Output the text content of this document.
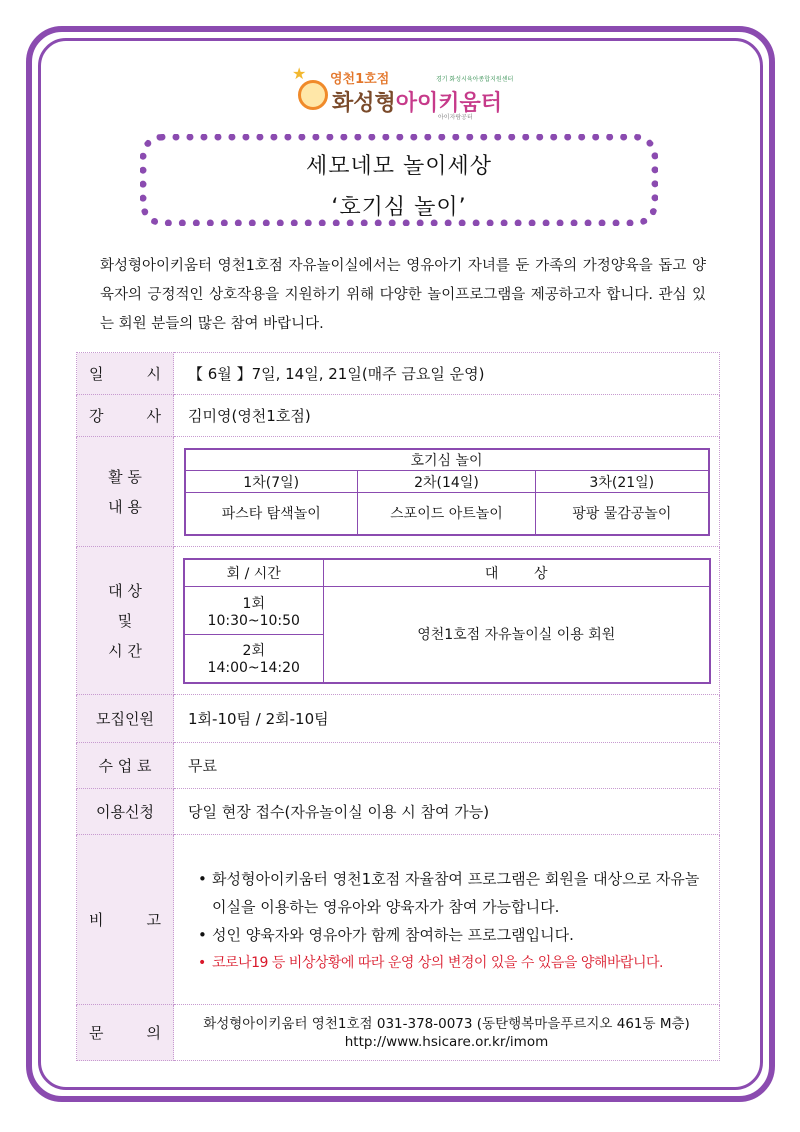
★ 영천1호점	경기 화성시육아종합지원센터
화성형아이키움터
아이자람공터
세모네모 놀이세상
‘호기심 놀이’

화성형아이키움터 영천1호점 자유놀이실에서는 영유아기 자녀를 둔 가족의 가정양육을 돕고 양육자의 긍정적인 상호작용을 지원하기 위해 다양한 놀이프로그램을 제공하고자 합니다. 관심 있는 회원 분들의 많은 참여 바랍니다.

일	시	【 6월 】7일, 14일, 21일(매주 금요일 운영)

강	사	김미영(영천1호점)

활 동
내 용

호기심 놀이
1차(7일)	2차(14일)	3차(21일)
파스타 탐색놀이	스포이드 아트놀이	팡팡 물감공놀이

대 상
및
시 간

회 / 시간	대        상

1회
10:30~10:50
	영천1호점 자유놀이실 이용 회원

2회
14:00~14:20

모집인원	1회-10팀 / 2회-10팀
수 업 료	무료
이용신청	당일 현장 접수(자유놀이실 이용 시 참여 가능)

비	고

• 화성형아이키움터 영천1호점 자율참여 프로그램은 회원을 대상으로 자유놀이실을 이용하는 영유아와 양육자가 참여 가능합니다.
• 성인 양육자와 영유아가 함께 참여하는 프로그램입니다.
• 코로나19 등 비상상황에 따라 운영 상의 변경이 있을 수 있음을 양해바랍니다.

문	의

화성형아이키움터 영천1호점 031-378-0073 (동탄행복마을푸르지오 461동 M층)
http://www.hsicare.or.kr/imom
